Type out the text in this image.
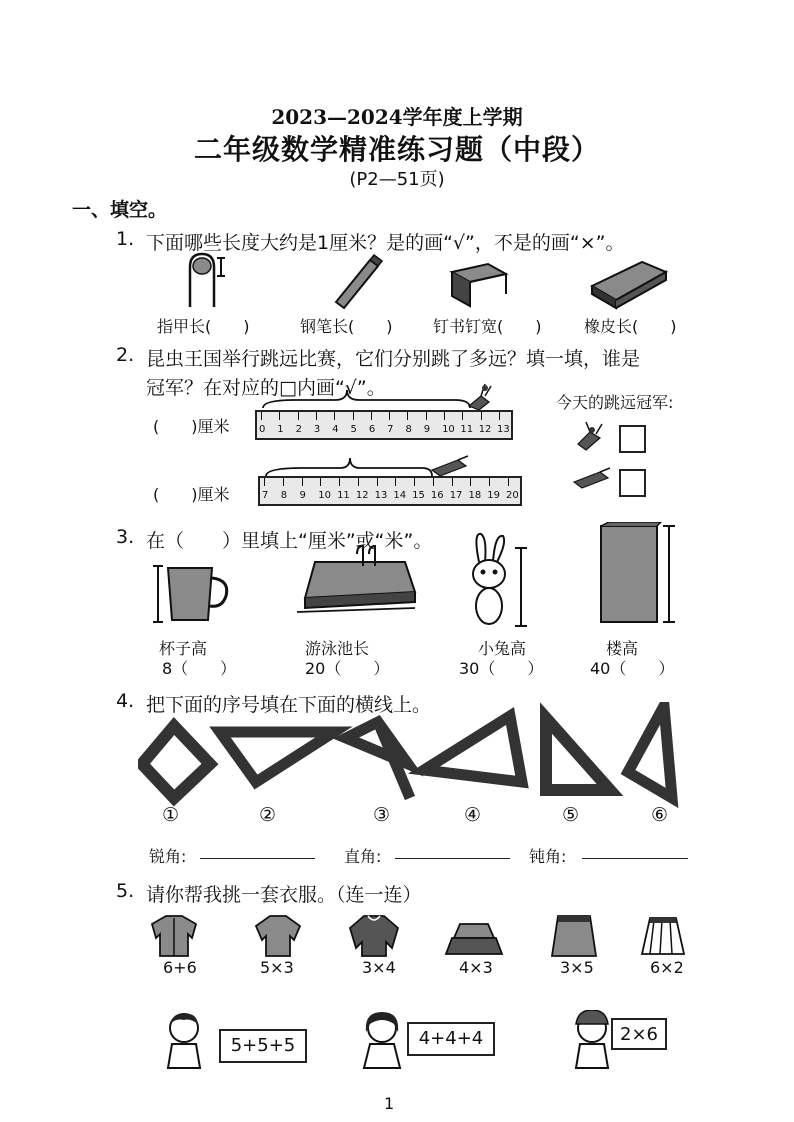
2023—2024学年度上学期
二年级数学精准练习题（中段）
(P2—51页)
一、填空。
1. 下面哪些长度大约是1厘米？是的画“√”，不是的画“×”。
指甲长(　　)	钢笔长(　　)	钉书钉宽(　　)	橡皮长(　　)
2. 昆虫王国举行跳远比赛，它们分别跳了多远？填一填，谁是
冠军？在对应的□内画“√”。
(　　)厘米
(　　)厘米
0 1 2 3 4 5 6 7 8 9 10 11 12 13
7 8 9 10 11 12 13 14 15 16 17 18 19 20
今天的跳远冠军:
3. 在（　　）里填上“厘米”或“米”。
杯子高
8（　　）
游泳池长
20（　　）
小兔高
30（　　）
楼高
40（　　）
4. 把下面的序号填在下面的横线上。
①	②	③	④	⑤	⑥
锐角:	直角:	钝角:
5. 请你帮我挑一套衣服。（连一连）
6+6	5×3	3×4	4×3	3×5	6×2
5+5+5	4+4+4	2×6
1
